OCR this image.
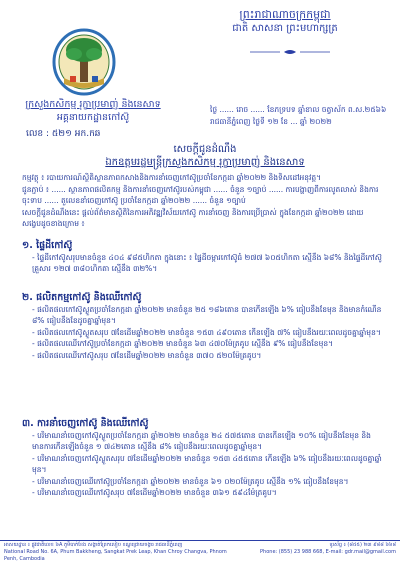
ក្រសួងកសិកម្ម រុក្ខាប្រមាញ់ និងនេសាទ
អគ្គនាយកដ្ឋានកៅស៊ូ
ព្រះរាជាណាចក្រកម្ពុជា
ជាតិ សាសនា ព្រះមហាក្សត្រ
ថ្ងៃ ...... រោច ...... ខែភទ្របទ ឆ្នាំខាល ចត្វាស័ក ព.ស.២៥៦៦
រាជធានីភ្នំពេញ ថ្ងៃទី ១២ ខែ ... ឆ្នាំ ២០២២
លេខ : ៥២១ អក.កឆ
សេចក្តីជូនដំណឹង
ឯកឧត្តមរដ្ឋមន្ត្រីក្រសួងកសិកម្ម រុក្ខាប្រមាញ់ និងនេសាទ
កម្មវត្ថុ ៖ របាយការណ៍ស្ថិតិស្ថានភាពកសាងនិងការនាំចេញកៅស៊ូប្រចាំខែកក្កដា ឆ្នាំ២០២២ និងទិសដៅអនុវត្ត។
ជូនភ្ជាប់ ៖ ...... ស្ថានភាពផលិតកម្ម និងការនាំចេញកៅស៊ូរបស់កម្ពុជា ...... ចំនួន ១ច្បាប់ ...... ការបង្ហាញពីការលូតលាស់ និងការចុះទាប ...... តួលេខនាំចេញកៅស៊ូ ប្រចាំខែកក្កដា ឆ្នាំ២០២២ ...... ចំនួន ១ច្បាប់
សេចក្តីជូនដំណឹងនេះ ផ្តល់ព័ត៌មានស្ថិតិនៃការអភិវឌ្ឍវិស័យកៅស៊ូ ការនាំចេញ និងការប្រើប្រាស់ ក្នុងខែកក្កដា ឆ្នាំ២០២២ ដោយសង្ខេបដូចខាងក្រោម ៖
១. ផ្ទៃដីកៅស៊ូ
- ផ្ទៃដីកៅស៊ូសរុបមានចំនួន ៤០៤ ៩៨៥ហិកតា ក្នុងនោះ ៖ ផ្ទៃដីចម្ការកៅស៊ូធំ ២៧៧ ៦០៥ហិកតា ស្មើនឹង ៦៨% និងផ្ទៃដីកៅស៊ូគ្រួសារ ១២៧ ៣៨០ហិកតា ស្មើនឹង ៣២%។
២. ផលិតកម្មកៅស៊ូ និងឈើកៅស៊ូ
- ផលិតផលកៅស៊ូស្ងួតប្រចាំខែកក្កដា ឆ្នាំ២០២២ មានចំនួន ២៥ ១៨៦តោន បានកើនឡើង ៦% ធៀបនឹងខែមុន និងមានកំណើន ៨% ធៀបនឹងខែដូចគ្នាឆ្នាំមុន។
- ផលិតផលកៅស៊ូស្ងួតសរុប ៧ខែដើមឆ្នាំ២០២២ មានចំនួន ១៥៣ ៤៩០តោន កើនឡើង ៧% ធៀបនឹងរយៈពេលដូចគ្នាឆ្នាំមុន។
- ផលិតផលឈើកៅស៊ូប្រចាំខែកក្កដា ឆ្នាំ២០២២ មានចំនួន ៦៣ ៤៧០ម៉ែត្រគូប ស្មើនឹង ៩% ធៀបនឹងខែមុន។
- ផលិតផលឈើកៅស៊ូសរុប ៧ខែដើមឆ្នាំ២០២២ មានចំនួន ៣៧០ ៥២០ម៉ែត្រគូប។
៣. ការនាំចេញកៅស៊ូ និងឈើកៅស៊ូ
- បរិមាណនាំចេញកៅស៊ូស្ងួតប្រចាំខែកក្កដា ឆ្នាំ២០២២ មានចំនួន ២៤ ៥៧៥តោន បានកើនឡើង ១០% ធៀបនឹងខែមុន និងមានការកើនឡើងចំនួន ១ ៧៤២តោន ស្មើនឹង ៨% ធៀបនឹងរយៈពេលដូចគ្នាឆ្នាំមុន។
- បរិមាណនាំចេញកៅស៊ូស្ងួតសរុប ៧ខែដើមឆ្នាំ២០២២ មានចំនួន ១៥៣ ៤៥៥តោន កើនឡើង ៦% ធៀបនឹងរយៈពេលដូចគ្នាឆ្នាំមុន។
- បរិមាណនាំចេញឈើកៅស៊ូប្រចាំខែកក្កដា ឆ្នាំ២០២២ មានចំនួន ៦១ ០២០ម៉ែត្រគូប ស្មើនឹង ១% ធៀបនឹងខែមុន។
- បរិមាណនាំចេញឈើកៅស៊ូសរុប ៧ខែដើមឆ្នាំ២០២២ មានចំនួន ៣៦១ ៥៩៤ម៉ែត្រគូប។
អាសយដ្ឋាន ៖ ផ្លូវជាតិលេខ ៦A ភូមិបាក់ខែង សង្កាត់ព្រែកលៀប ខណ្ឌជ្រោយចង្វារ រាជធានីភ្នំពេញ
National Road No. 6A, Phum Bakkheng, Sangkat Prek Leap, Khan Chroy Changva, Phnom Penh, Cambodia
ទូរស័ព្ទ ៖ (៨៥៥) ២៣ ៩៨៨ ៦៦៨
Phone: (855) 23 988 668, E-mail: gdr.mail@gmail.com
